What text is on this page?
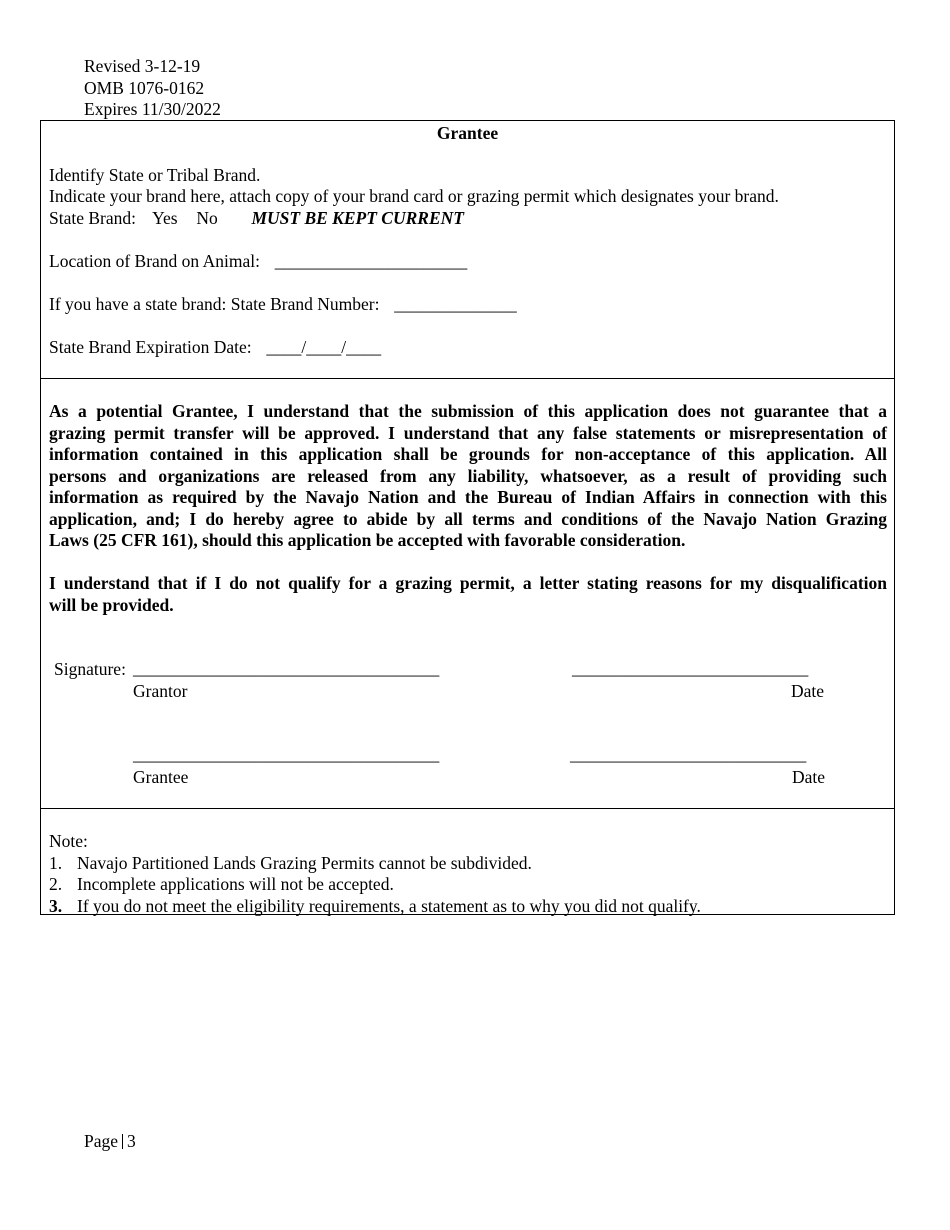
Revised 3-12-19
OMB 1076-0162
Expires 11/30/2022
Grantee
Identify State or Tribal Brand.
Indicate your brand here, attach copy of your brand card or grazing permit which designates your brand.
State Brand: Yes No MUST BE KEPT CURRENT
Location of Brand on Animal: ______________________
If you have a state brand: State Brand Number: ______________
State Brand Expiration Date: ____/____/____
As a potential Grantee, I understand that the submission of this application does not guarantee that a
grazing permit transfer will be approved. I understand that any false statements or misrepresentation of
information contained in this application shall be grounds for non-acceptance of this application. All
persons and organizations are released from any liability, whatsoever, as a result of providing such
information as required by the Navajo Nation and the Bureau of Indian Affairs in connection with this
application, and; I do hereby agree to abide by all terms and conditions of the Navajo Nation Grazing
Laws (25 CFR 161), should this application be accepted with favorable consideration.
I understand that if I do not qualify for a grazing permit, a letter stating reasons for my disqualification
will be provided.
Signature: ___________________________________	___________________________
Grantor	Date
___________________________________	___________________________
Grantee	Date
Note:
1. Navajo Partitioned Lands Grazing Permits cannot be subdivided.
2. Incomplete applications will not be accepted.
3. If you do not meet the eligibility requirements, a statement as to why you did not qualify.
Page 3
